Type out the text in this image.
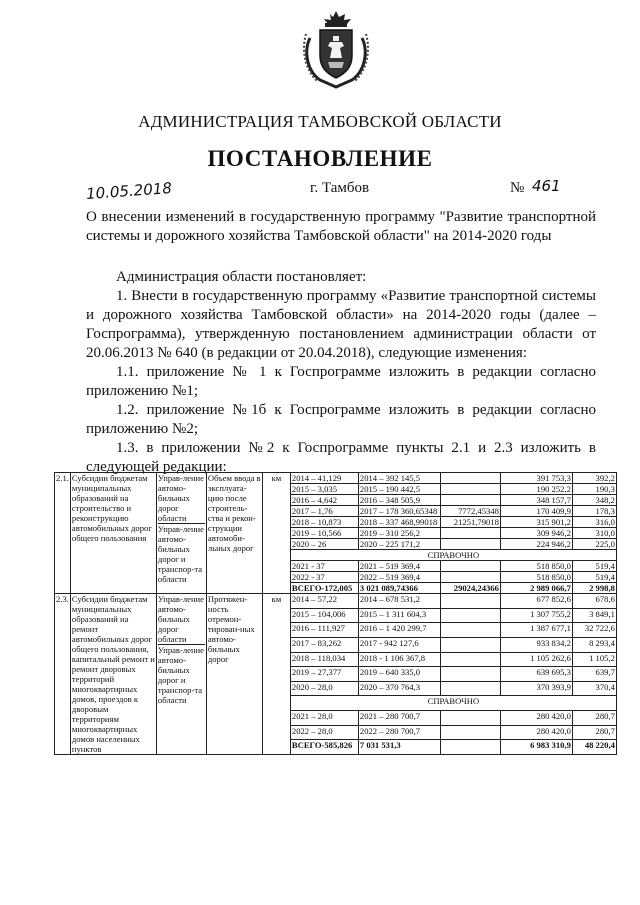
АДМИНИСТРАЦИЯ ТАМБОВСКОЙ ОБЛАСТИ
ПОСТАНОВЛЕНИЕ
10.05.2018	г. Тамбов	№ 461
О внесении изменений в государственную программу "Развитие транспортной системы и дорожного хозяйства Тамбовской области" на 2014-2020 годы

Администрация области постановляет:

1. Внести в государственную программу «Развитие транспортной системы и дорожного хозяйства Тамбовской области» на 2014-2020 годы (далее – Госпрограмма), утвержденную постановлением администрации области от 20.06.2013 № 640 (в редакции от 20.04.2018), следующие изменения:

1.1. приложение № 1 к Госпрограмме изложить в редакции согласно приложению №1;

1.2. приложение №1б к Госпрограмме изложить в редакции согласно приложению №2;

1.3. в приложении №2 к Госпрограмме пункты 2.1 и 2.3 изложить в следующей редакции:

2.1.	Субсидии бюджетам муниципальных образований на строительство и реконструкцию автомобильных дорог общего пользования	Управ-ление автомо-бильных дорог области
Управ-ление автомо-бильных дорог и транспор-та области	Объем ввода в эксплуата-цию после строитель-ства и рекон-струкции автомоби-льных дорог	км	2014 – 41,129	2014 – 392 145,5		391 753,3	392,2
					2015 – 3,035	2015 – 190 442,5		190 252,2	190,3
					2016 – 4,642	2016 – 348 505,9		348 157,7	348,2
					2017 – 1,76	2017 – 178 360,65348	7772,45348	170 409,9	178,3
					2018 – 10,873	2018 – 337 468,99018	21251,79018	315 901,2	316,0
					2019 – 10,566	2019 – 310 256,2		309 946,2	310,0
					2020 – 26	2020 – 225 171,2		224 946,2	225,0
					СПРАВОЧНО				
					2021 - 37	2021 – 519 369,4		518 850,0	519,4
					2022 - 37	2022 – 519 369,4		518 850,0	519,4
					ВСЕГО-172,005	3 021 089,74366	29024,24366	2 989 066,7	2 998,8
2.3.	Субсидии бюджетам муниципальных образований на ремонт автомобильных дорог общего пользования, капитальный ремонт и ремонт дворовых территорий многоквартирных домов, проездов к дворовым территориям многоквартирных домов населенных пунктов	Управ-ление автомо-бильных дорог области
Управ-ление автомо-бильных дорог и транспор-та области	Протяжен-ность отремон-тирован-ных автомо-бильных дорог	км	2014 – 57,22	2014 – 678 531,2		677 852,6	678,6
					2015 – 104,006	2015 – 1 311 604,3		1 307 755,2	3 849,1
					2016 – 111,927	2016 – 1 420 299,7		1 387 677,1	32 722,6
					2017 – 83,262	2017 - 942 127,6		933 834,2	8 293,4
					2018 – 118,034	2018 - 1 106 367,8		1 105 262,6	1 105,2
					2019 – 27,377	2019 – 640 335,0		639 695,3	639,7
					2020 – 28,0	2020 – 370 764,3		370 393,9	370,4
					СПРАВОЧНО				
					2021 – 28,0	2021 – 280 700,7		280 420,0	280,7
					2022 – 28,0	2022 – 280 700,7		280 420,0	280,7
					ВСЕГО-585,826	7 031 531,3		6 983 310,9	48 220,4
